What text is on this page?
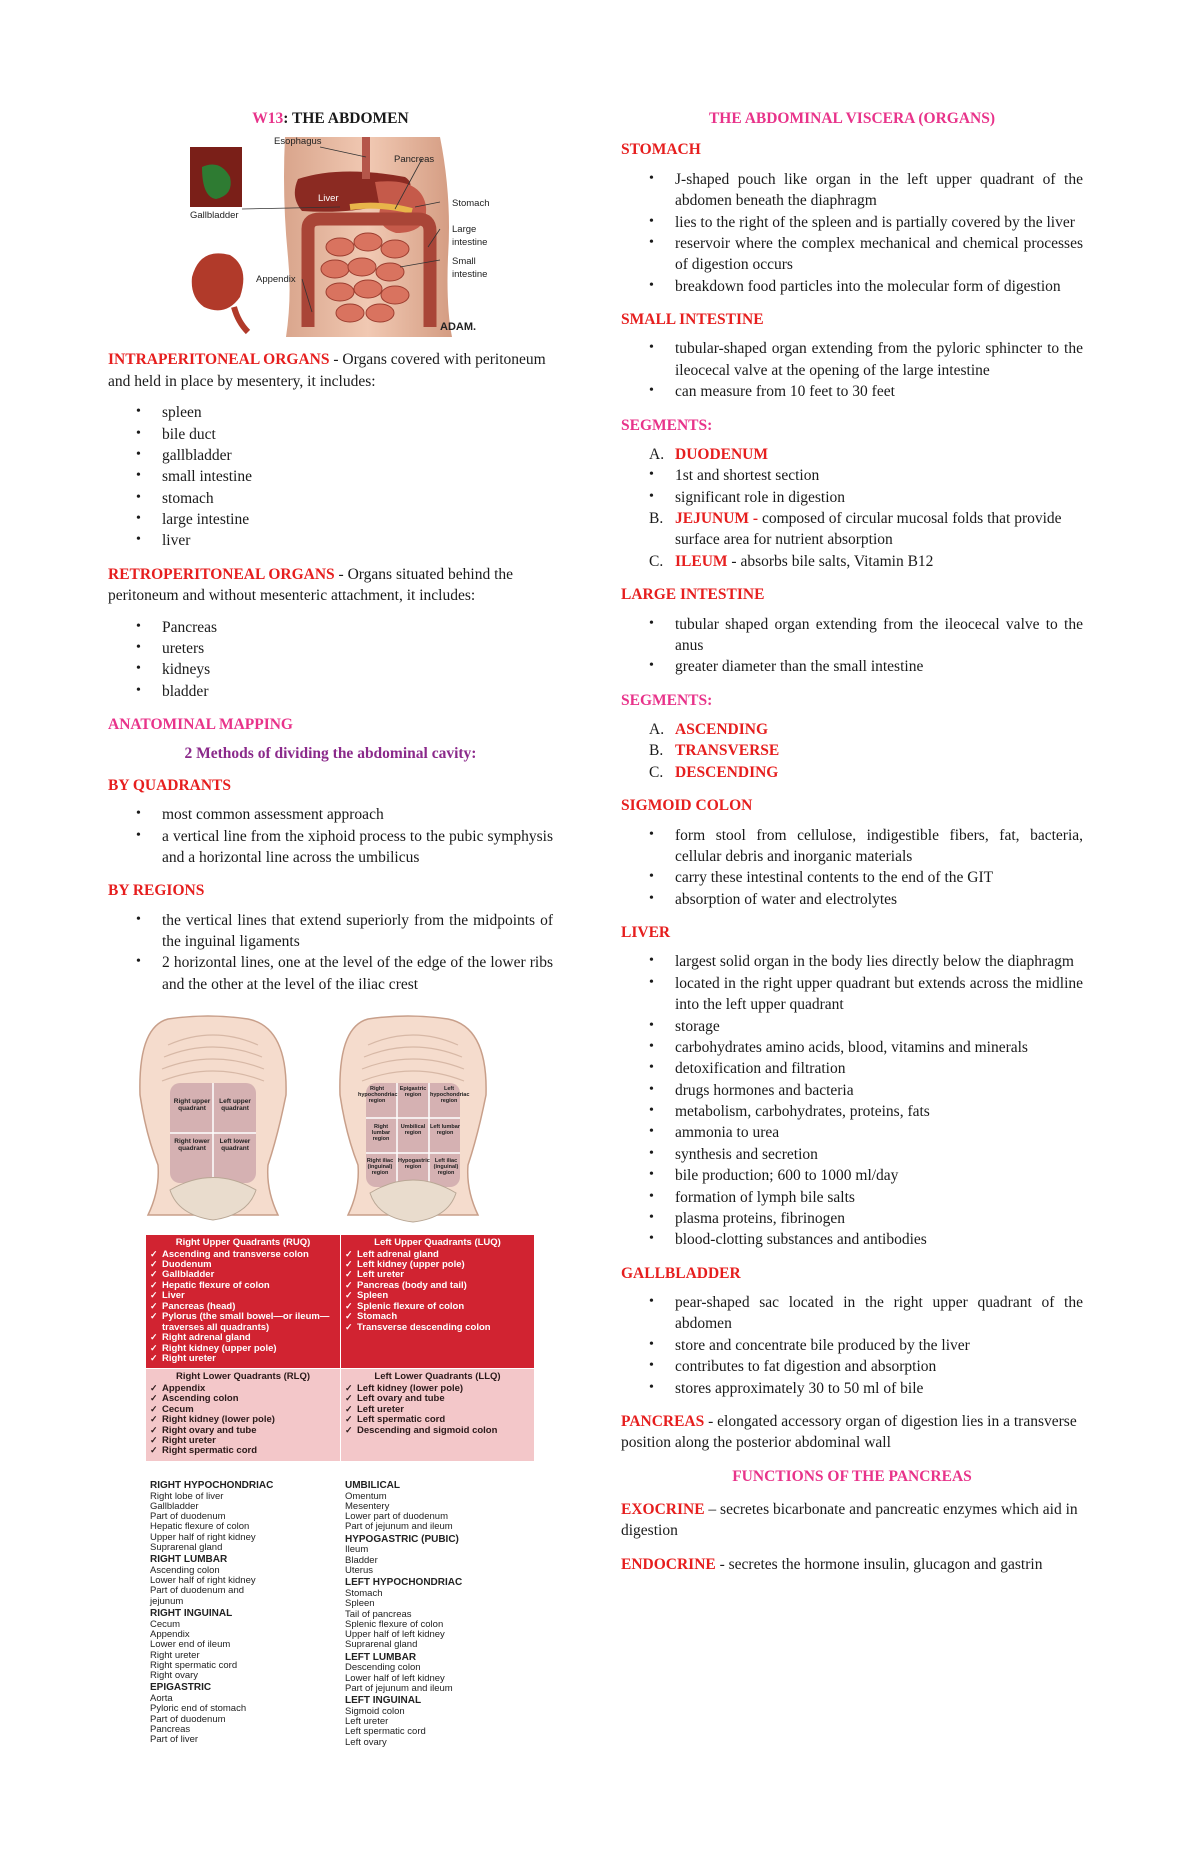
W13: THE ABDOMEN
Esophagus
Pancreas
Liver	Stomach
Gallbladder
Large intestine
Small intestine
Appendix
ADAM.
INTRAPERITONEAL ORGANS - Organs covered with peritoneum and held in place by mesentery, it includes:
• spleen
• bile duct
• gallbladder
• small intestine
• stomach
• large intestine
• liver
RETROPERITONEAL ORGANS - Organs situated behind the peritoneum and without mesenteric attachment, it includes:
• Pancreas
• ureters
• kidneys
• bladder
ANATOMINAL MAPPING
2 Methods of dividing the abdominal cavity:
BY QUADRANTS
• most common assessment approach
• a vertical line from the xiphoid process to the pubic symphysis and a horizontal line across the umbilicus
BY REGIONS
• the vertical lines that extend superiorly from the midpoints of the inguinal ligaments
• 2 horizontal lines, one at the level of the edge of the lower ribs and the other at the level of the iliac crest
Right upper quadrant
Left upper quadrant
Right lower quadrant
Left lower quadrant
Right hypochondriac region
Epigastric region
Left hypochondriac region
Right lumbar region
Umbilical region
Left lumbar region
Right iliac (inguinal) region
Hypogastric region
Left iliac (inguinal) region
Right Upper Quadrants (RUQ)
✓ Ascending and transverse colon
✓ Duodenum
✓ Gallbladder
✓ Hepatic flexure of colon
✓ Liver
✓ Pancreas (head)
✓ Pylorus (the small bowel—or ileum—
traverses all quadrants)
✓ Right adrenal gland
✓ Right kidney (upper pole)
✓ Right ureter
Left Upper Quadrants (LUQ)
✓ Left adrenal gland
✓ Left kidney (upper pole)
✓ Left ureter
✓ Pancreas (body and tail)
✓ Spleen
✓ Splenic flexure of colon
✓ Stomach
✓ Transverse descending colon
Right Lower Quadrants (RLQ)
✓ Appendix
✓ Ascending colon
✓ Cecum
✓ Right kidney (lower pole)
✓ Right ovary and tube
✓ Right ureter
✓ Right spermatic cord
Left Lower Quadrants (LLQ)
✓ Left kidney (lower pole)
✓ Left ovary and tube
✓ Left ureter
✓ Left spermatic cord
✓ Descending and sigmoid colon
RIGHT HYPOCHONDRIAC
Right lobe of liver
Gallbladder
Part of duodenum
Hepatic flexure of colon
Upper half of right kidney
Suprarenal gland
RIGHT LUMBAR
Ascending colon
Lower half of right kidney
Part of duodenum and
jejunum
RIGHT INGUINAL
Cecum
Appendix
Lower end of ileum
Right ureter
Right spermatic cord
Right ovary
EPIGASTRIC
Aorta
Pyloric end of stomach
Part of duodenum
Pancreas
Part of liver
UMBILICAL
Omentum
Mesentery
Lower part of duodenum
Part of jejunum and ileum
HYPOGASTRIC (PUBIC)
Ileum
Bladder
Uterus
LEFT HYPOCHONDRIAC
Stomach
Spleen
Tail of pancreas
Splenic flexure of colon
Upper half of left kidney
Suprarenal gland
LEFT LUMBAR
Descending colon
Lower half of left kidney
Part of jejunum and ileum
LEFT INGUINAL
Sigmoid colon
Left ureter
Left spermatic cord
Left ovary
THE ABDOMINAL VISCERA (ORGANS)
STOMACH
• J-shaped pouch like organ in the left upper quadrant of the abdomen beneath the diaphragm
• lies to the right of the spleen and is partially covered by the liver
• reservoir where the complex mechanical and chemical processes of digestion occurs
• breakdown food particles into the molecular form of digestion
SMALL INTESTINE
• tubular-shaped organ extending from the pyloric sphincter to the ileocecal valve at the opening of the large intestine
• can measure from 10 feet to 30 feet
SEGMENTS:
A. DUODENUM
• 1st and shortest section
• significant role in digestion
B. JEJUNUM - composed of circular mucosal folds that provide surface area for nutrient absorption
C. ILEUM - absorbs bile salts, Vitamin B12
LARGE INTESTINE
• tubular shaped organ extending from the ileocecal valve to the anus
• greater diameter than the small intestine
SEGMENTS:
A. ASCENDING
B. TRANSVERSE
C. DESCENDING
SIGMOID COLON
• form stool from cellulose, indigestible fibers, fat, bacteria, cellular debris and inorganic materials
• carry these intestinal contents to the end of the GIT
• absorption of water and electrolytes
LIVER
• largest solid organ in the body lies directly below the diaphragm
• located in the right upper quadrant but extends across the midline into the left upper quadrant
• storage
• carbohydrates amino acids, blood, vitamins and minerals
• detoxification and filtration
• drugs hormones and bacteria
• metabolism, carbohydrates, proteins, fats
• ammonia to urea
• synthesis and secretion
• bile production; 600 to 1000 ml/day
• formation of lymph bile salts
• plasma proteins, fibrinogen
• blood-clotting substances and antibodies
GALLBLADDER
• pear-shaped sac located in the right upper quadrant of the abdomen
• store and concentrate bile produced by the liver
• contributes to fat digestion and absorption
• stores approximately 30 to 50 ml of bile
PANCREAS - elongated accessory organ of digestion lies in a transverse position along the posterior abdominal wall
FUNCTIONS OF THE PANCREAS
EXOCRINE – secretes bicarbonate and pancreatic enzymes which aid in digestion
ENDOCRINE - secretes the hormone insulin, glucagon and gastrin
